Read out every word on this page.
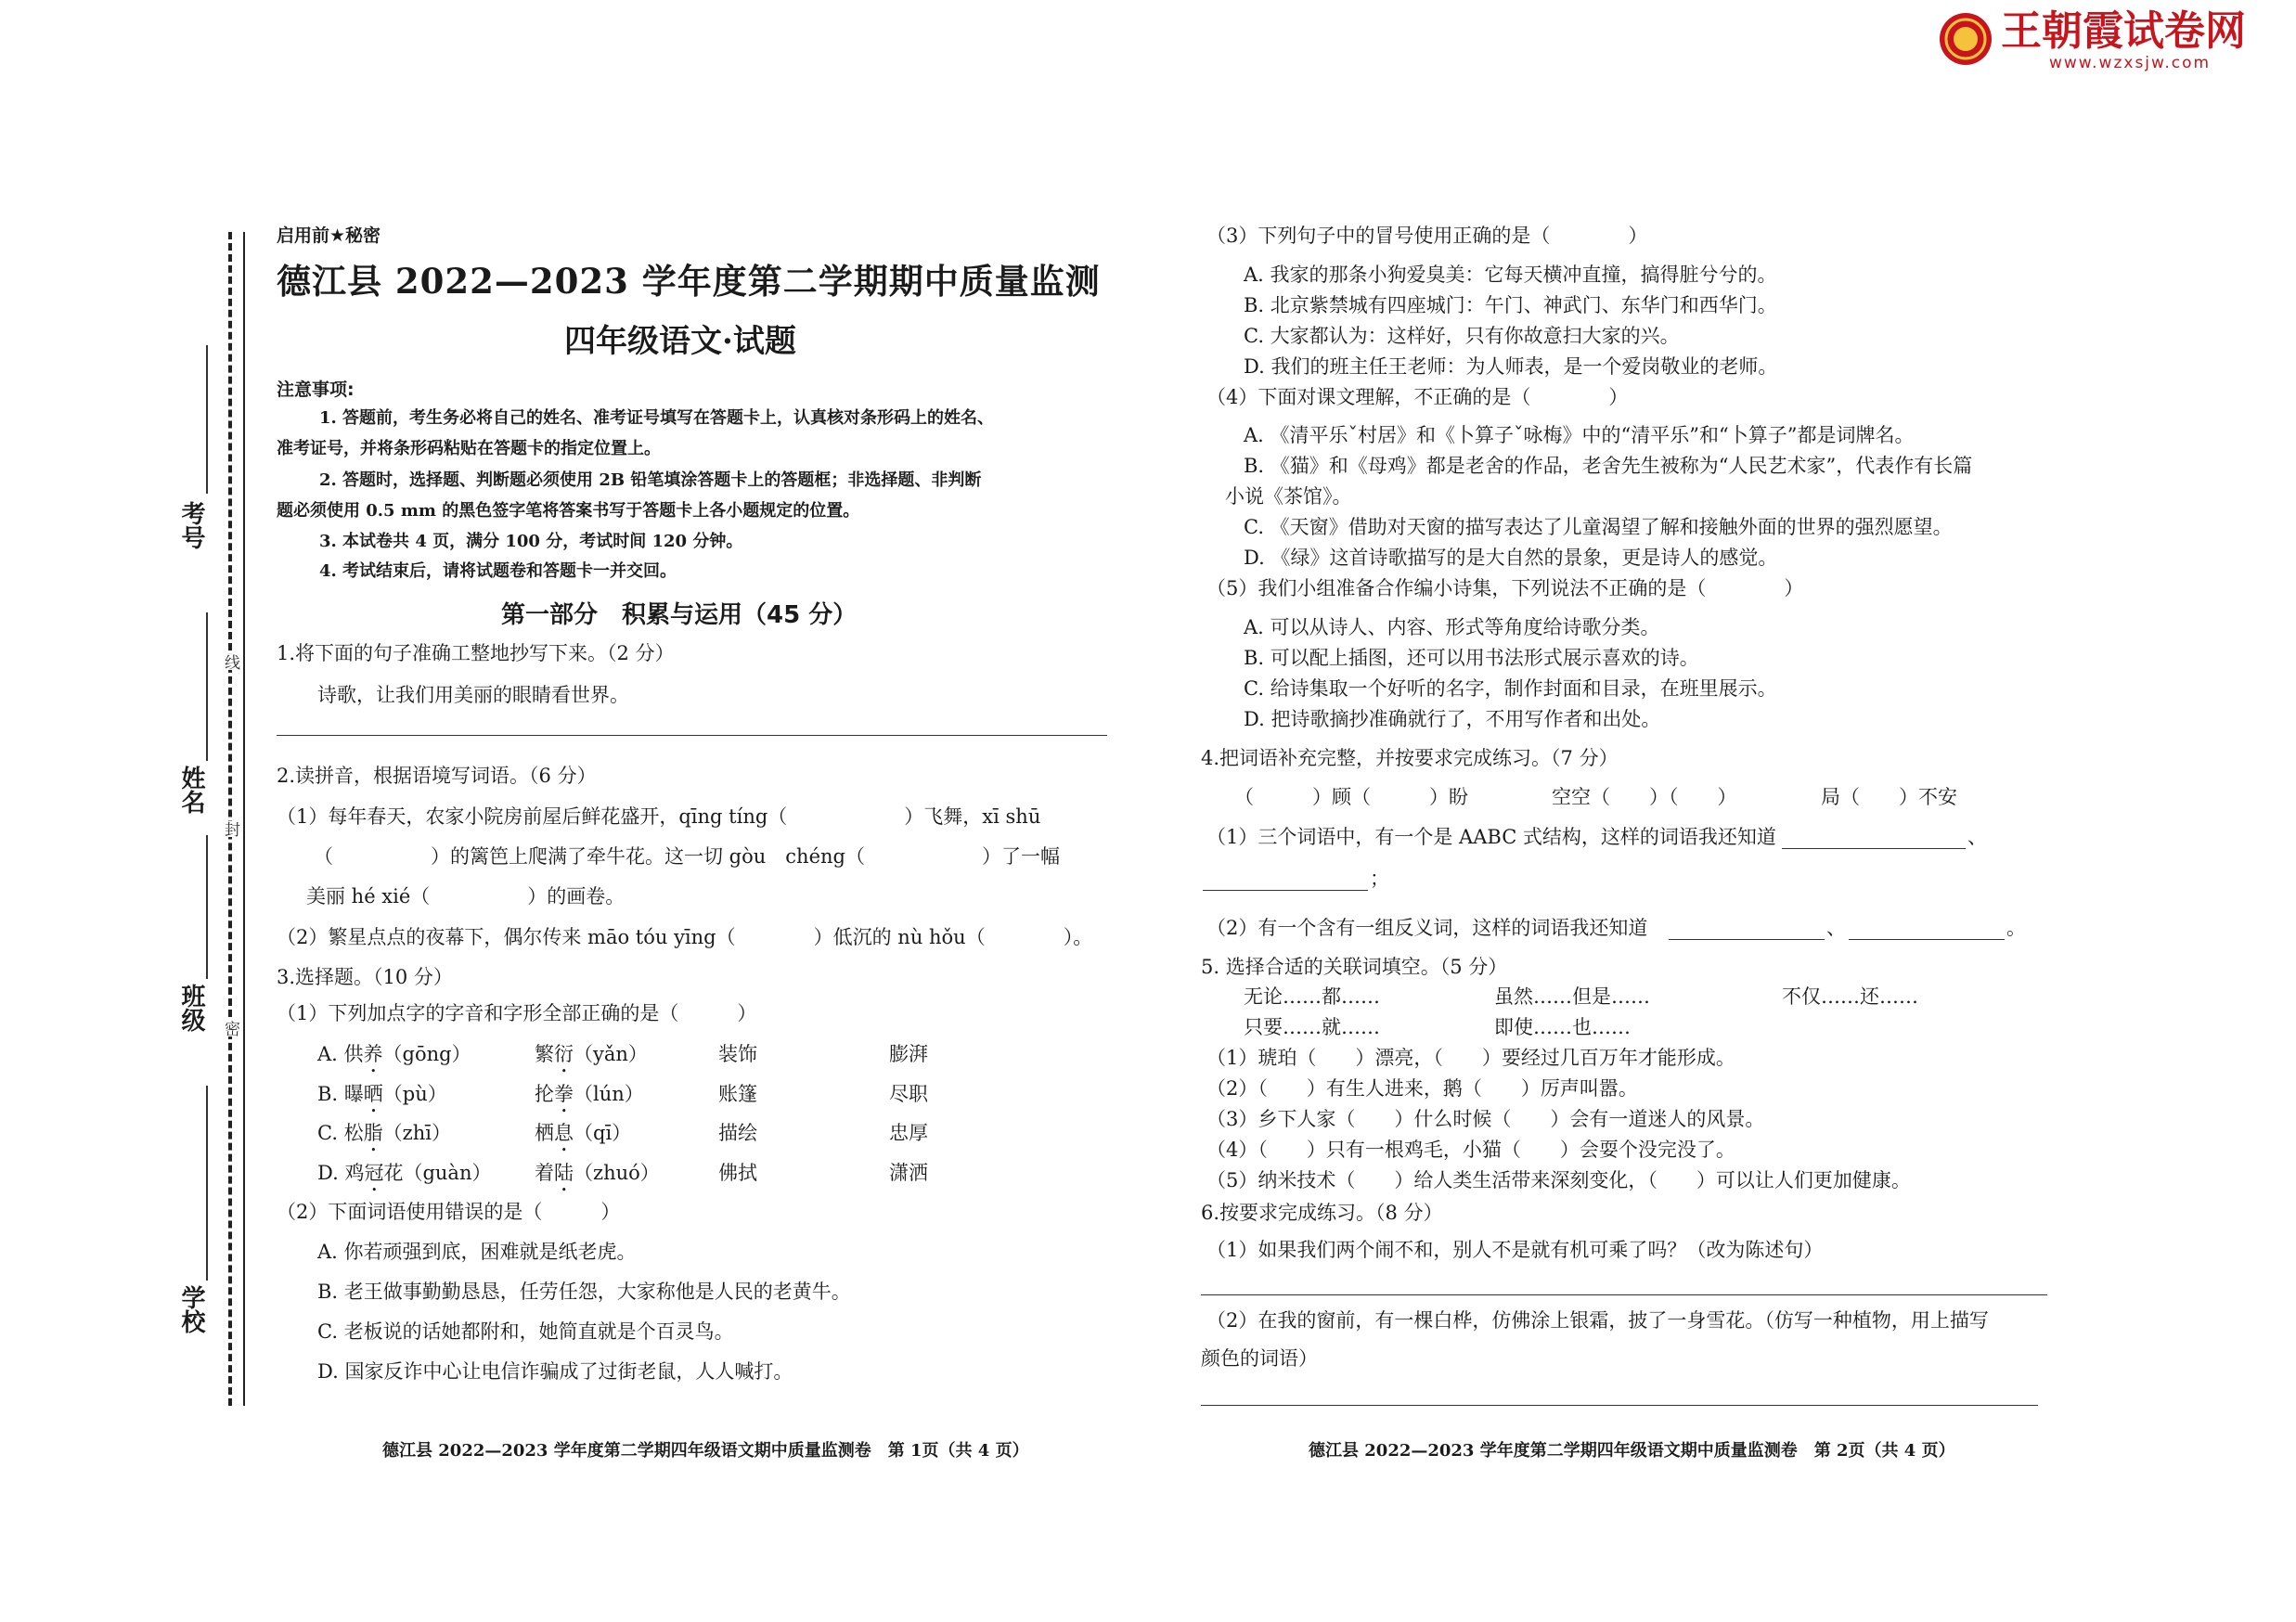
王朝霞试卷网
www.wzxsjw.com
考号
姓名
班级
学校
密
封
线
启用前★秘密
德江县 2022—2023 学年度第二学期期中质量监测
四年级语文·试题
注意事项:
1. 答题前，考生务必将自己的姓名、准考证号填写在答题卡上，认真核对条形码上的姓名、
准考证号，并将条形码粘贴在答题卡的指定位置上。
2. 答题时，选择题、判断题必须使用 2B 铅笔填涂答题卡上的答题框；非选择题、非判断
题必须使用 0.5 mm 的黑色签字笔将答案书写于答题卡上各小题规定的位置。
3. 本试卷共 4 页，满分 100 分，考试时间 120 分钟。
4. 考试结束后，请将试题卷和答题卡一并交回。
第一部分　积累与运用（45 分）
1.将下面的句子准确工整地抄写下来。（2 分）
诗歌，让我们用美丽的眼睛看世界。
2.读拼音，根据语境写词语。（6 分）
（1）每年春天，农家小院房前屋后鲜花盛开，qīng tíng（　　　　　　）飞舞，xī shū
（　　　　　）的篱笆上爬满了牵牛花。这一切 gòu　chéng（　　　　　　）了一幅
美丽 hé xié（　　　　　）的画卷。
（2）繁星点点的夜幕下，偶尔传来 māo tóu yīng（　　　　）低沉的 nù hǒu（　　　　）。
3.选择题。（10 分）
（1）下列加点字的字音和字形全部正确的是（　　　）
A. 供养（gōng）	繁衍（yǎn）	装饰	膨湃
B. 曝晒（pù）	抡拳（lún）	账篷	尽职
C. 松脂（zhī）	栖息（qī）	描绘	忠厚
D. 鸡冠花（guàn） 着陆（zhuó）	佛拭	潇洒
（2）下面词语使用错误的是（　　　）
A. 你若顽强到底，困难就是纸老虎。
B. 老王做事勤勤恳恳，任劳任怨，大家称他是人民的老黄牛。
C. 老板说的话她都附和，她简直就是个百灵鸟。
D. 国家反诈中心让电信诈骗成了过街老鼠，人人喊打。
德江县 2022—2023 学年度第二学期四年级语文期中质量监测卷　第 1页（共 4 页）
（3）下列句子中的冒号使用正确的是（　　　　）
A. 我家的那条小狗爱臭美：它每天横冲直撞，搞得脏兮兮的。
B. 北京紫禁城有四座城门：午门、神武门、东华门和西华门。
C. 大家都认为：这样好，只有你故意扫大家的兴。
D. 我们的班主任王老师：为人师表，是一个爱岗敬业的老师。
（4）下面对课文理解，不正确的是（　　　　）
A. 《清平乐ˇ村居》和《卜算子ˇ咏梅》中的“清平乐”和“卜算子”都是词牌名。
B. 《猫》和《母鸡》都是老舍的作品，老舍先生被称为“人民艺术家”，代表作有长篇
小说《茶馆》。
C. 《天窗》借助对天窗的描写表达了儿童渴望了解和接触外面的世界的强烈愿望。
D. 《绿》这首诗歌描写的是大自然的景象，更是诗人的感觉。
（5）我们小组准备合作编小诗集，下列说法不正确的是（　　　　）
A. 可以从诗人、内容、形式等角度给诗歌分类。
B. 可以配上插图，还可以用书法形式展示喜欢的诗。
C. 给诗集取一个好听的名字，制作封面和目录，在班里展示。
D. 把诗歌摘抄准确就行了，不用写作者和出处。
4.把词语补充完整，并按要求完成练习。（7 分）
（　　　）顾（　　　）盼	空空（　　）（　　）	局（　　）不安
（1）三个词语中，有一个是 AABC 式结构，这样的词语我还知道	、
；
（2）有一个含有一组反义词，这样的词语我还知道	、	。
5. 选择合适的关联词填空。（5 分）
无论……都……	虽然……但是……	不仅……还……
只要……就……	即使……也……
（1）琥珀（　　）漂亮，（　　）要经过几百万年才能形成。
（2）（　　）有生人进来，鹅（　　）厉声叫嚣。
（3）乡下人家（　　）什么时候（　　）会有一道迷人的风景。
（4）（　　）只有一根鸡毛，小猫（　　）会耍个没完没了。
（5）纳米技术（　　）给人类生活带来深刻变化，（　　）可以让人们更加健康。
6.按要求完成练习。（8 分）
（1）如果我们两个闹不和，别人不是就有机可乘了吗？（改为陈述句）
（2）在我的窗前，有一棵白桦，仿佛涂上银霜，披了一身雪花。（仿写一种植物，用上描写
颜色的词语）
德江县 2022—2023 学年度第二学期四年级语文期中质量监测卷　第 2页（共 4 页）
